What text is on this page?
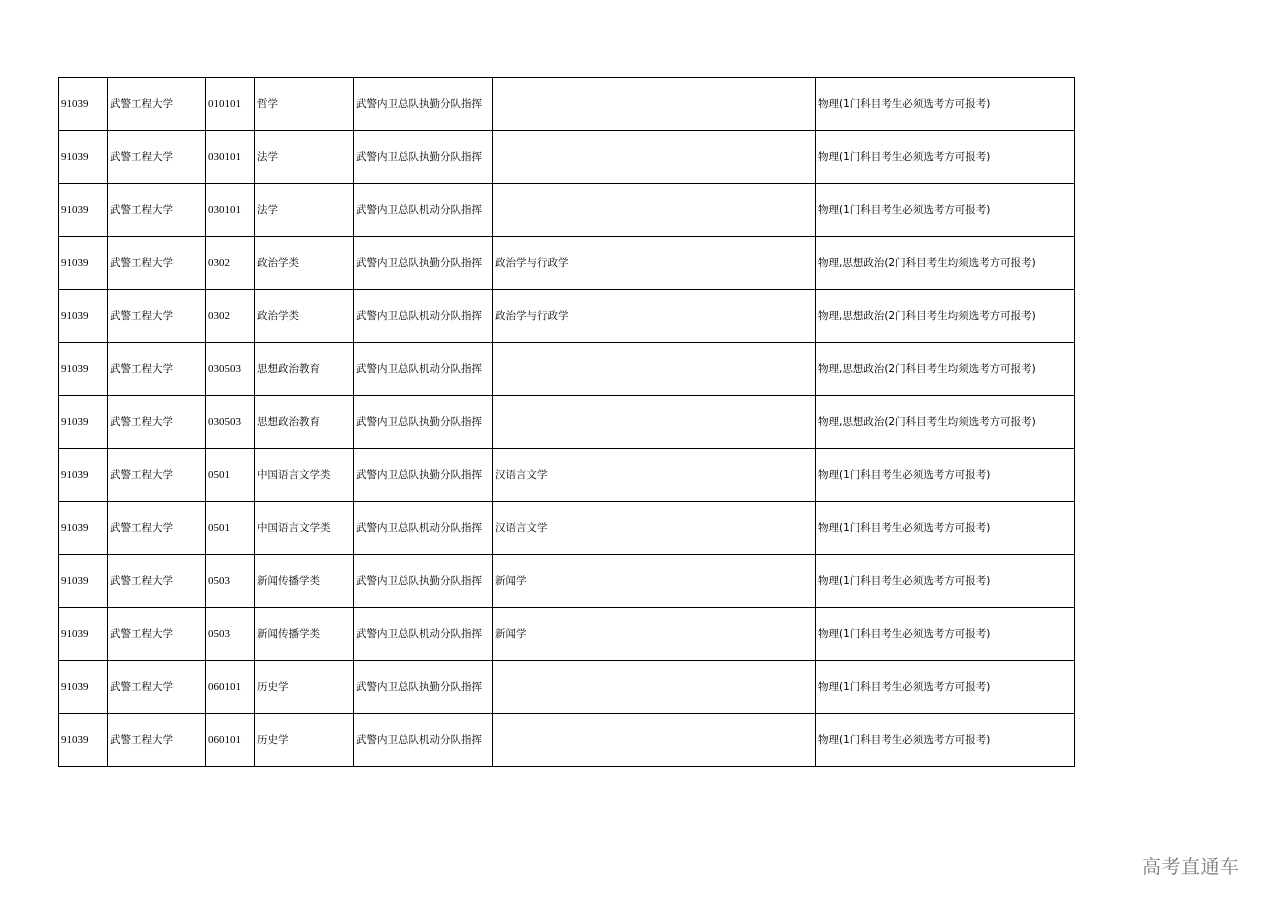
91039	武警工程大学	010101	哲学	武警内卫总队执勤分队指挥		物理(1门科目考生必须选考方可报考)
91039	武警工程大学	030101	法学	武警内卫总队执勤分队指挥		物理(1门科目考生必须选考方可报考)
91039	武警工程大学	030101	法学	武警内卫总队机动分队指挥		物理(1门科目考生必须选考方可报考)
91039	武警工程大学	0302	政治学类	武警内卫总队执勤分队指挥	政治学与行政学	物理,思想政治(2门科目考生均须选考方可报考)
91039	武警工程大学	0302	政治学类	武警内卫总队机动分队指挥	政治学与行政学	物理,思想政治(2门科目考生均须选考方可报考)
91039	武警工程大学	030503	思想政治教育	武警内卫总队机动分队指挥		物理,思想政治(2门科目考生均须选考方可报考)
91039	武警工程大学	030503	思想政治教育	武警内卫总队执勤分队指挥		物理,思想政治(2门科目考生均须选考方可报考)
91039	武警工程大学	0501	中国语言文学类	武警内卫总队执勤分队指挥	汉语言文学	物理(1门科目考生必须选考方可报考)
91039	武警工程大学	0501	中国语言文学类	武警内卫总队机动分队指挥	汉语言文学	物理(1门科目考生必须选考方可报考)
91039	武警工程大学	0503	新闻传播学类	武警内卫总队执勤分队指挥	新闻学	物理(1门科目考生必须选考方可报考)
91039	武警工程大学	0503	新闻传播学类	武警内卫总队机动分队指挥	新闻学	物理(1门科目考生必须选考方可报考)
91039	武警工程大学	060101	历史学	武警内卫总队执勤分队指挥		物理(1门科目考生必须选考方可报考)
91039	武警工程大学	060101	历史学	武警内卫总队机动分队指挥		物理(1门科目考生必须选考方可报考)
高考直通车
